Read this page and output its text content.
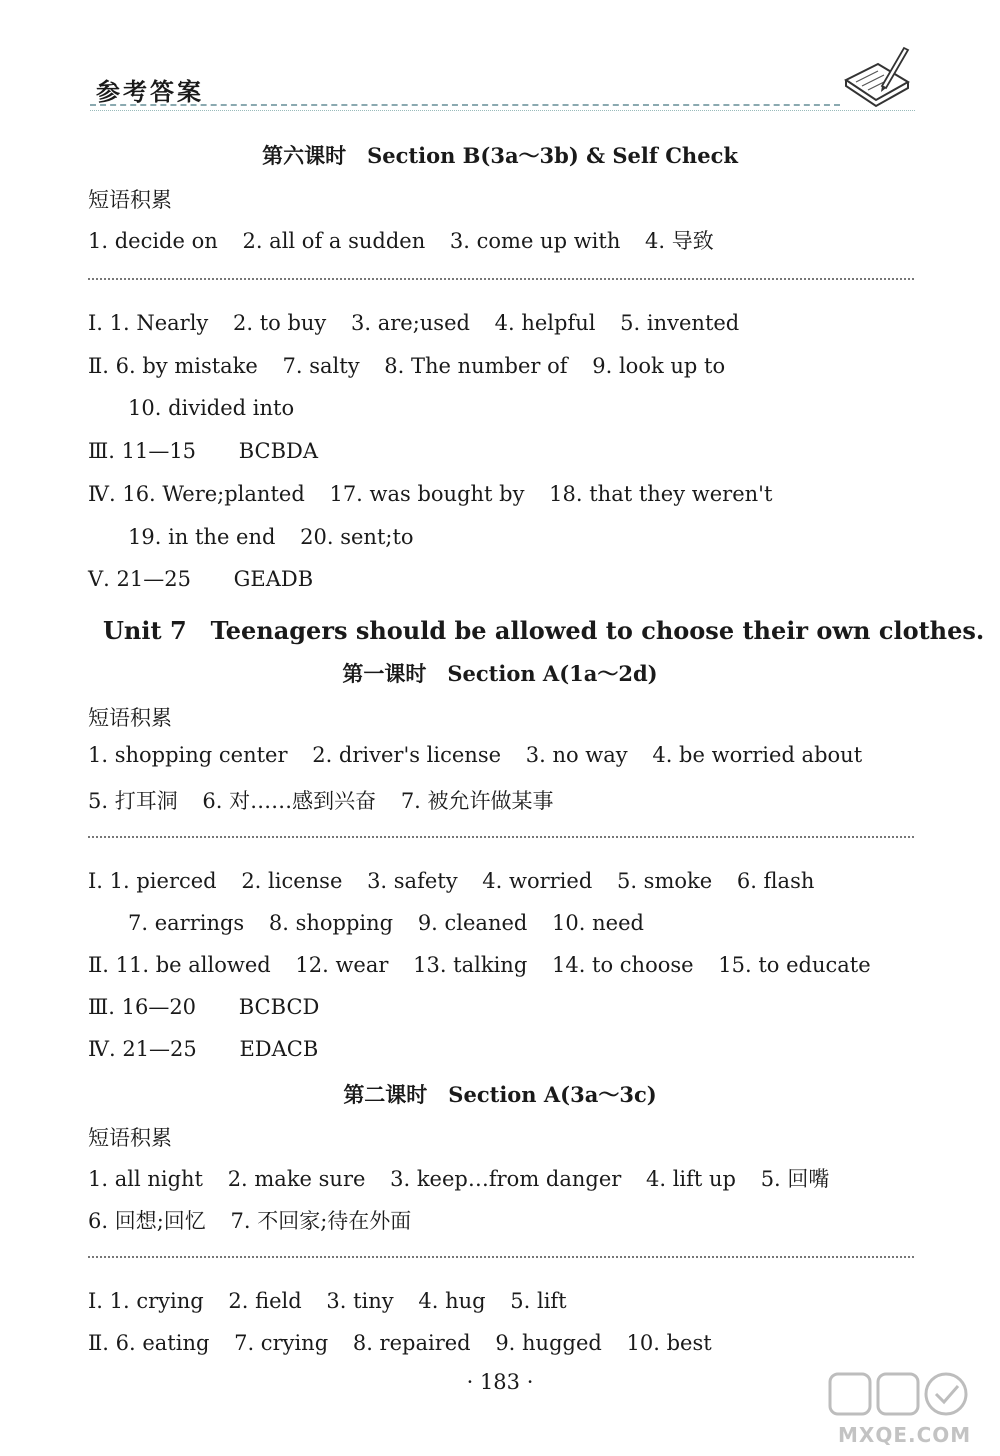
参考答案
第六课时　Section B(3a～3b) & Self Check
短语积累
1. decide on 2. all of a sudden 3. come up with 4. 导致
Ⅰ. 1. Nearly 2. to buy 3. are;used 4. helpful 5. invented
Ⅱ. 6. by mistake 7. salty 8. The number of 9. look up to
10. divided into
Ⅲ. 11—15 BCBDA
Ⅳ. 16. Were;planted 17. was bought by 18. that they weren't
19. in the end 20. sent;to
Ⅴ. 21—25 GEADB
Unit 7　Teenagers should be allowed to choose their own clothes.
第一课时　Section A(1a～2d)
短语积累
1. shopping center 2. driver's license 3. no way 4. be worried about
5. 打耳洞 6. 对……感到兴奋 7. 被允许做某事
Ⅰ. 1. pierced 2. license 3. safety 4. worried 5. smoke 6. flash
7. earrings 8. shopping 9. cleaned 10. need
Ⅱ. 11. be allowed 12. wear 13. talking 14. to choose 15. to educate
Ⅲ. 16—20 BCBCD
Ⅳ. 21—25 EDACB
第二课时　Section A(3a～3c)
短语积累
1. all night 2. make sure 3. keep…from danger 4. lift up 5. 回嘴
6. 回想;回忆 7. 不回家;待在外面
Ⅰ. 1. crying 2. field 3. tiny 4. hug 5. lift
Ⅱ. 6. eating 7. crying 8. repaired 9. hugged 10. best
· 183 ·
MXQE.COM
